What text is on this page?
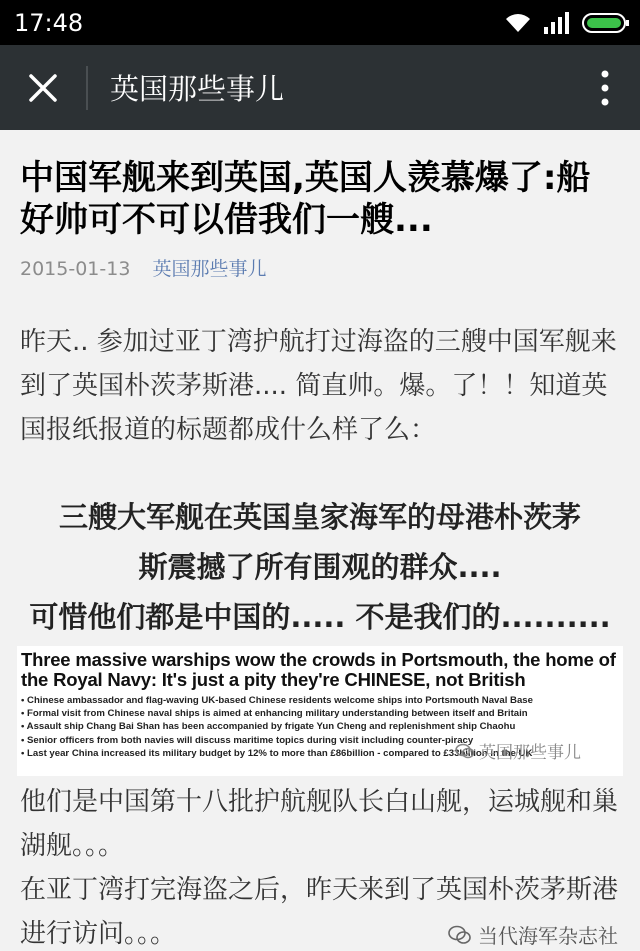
17:48
英国那些事儿
中国军舰来到英国,英国人羡慕爆了:船好帅可不可以借我们一艘...
2015-01-13 英国那些事儿
昨天.. 参加过亚丁湾护航打过海盗的三艘中国军舰来到了英国朴茨茅斯港.... 简直帅。爆。了！！知道英国报纸报道的标题都成什么样了么：
三艘大军舰在英国皇家海军的母港朴茨茅
斯震撼了所有围观的群众....
可惜他们都是中国的..... 不是我们的..........
Three massive warships wow the crowds in Portsmouth, the home of the Royal Navy: It's just a pity they're CHINESE, not British
• Chinese ambassador and flag-waving UK-based Chinese residents welcome ships into Portsmouth Naval Base
• Formal visit from Chinese naval ships is aimed at enhancing military understanding between itself and Britain
• Assault ship Chang Bai Shan has been accompanied by frigate Yun Cheng and replenishment ship Chaohu
• Senior officers from both navies will discuss maritime topics during visit including counter-piracy
• Last year China increased its military budget by 12% to more than £86billion - compared to £33billion in the UK
英国那些事儿
他们是中国第十八批护航舰队长白山舰，运城舰和巢湖舰。。。
在亚丁湾打完海盗之后，昨天来到了英国朴茨茅斯港进行访问。。。	当代海军杂志社
